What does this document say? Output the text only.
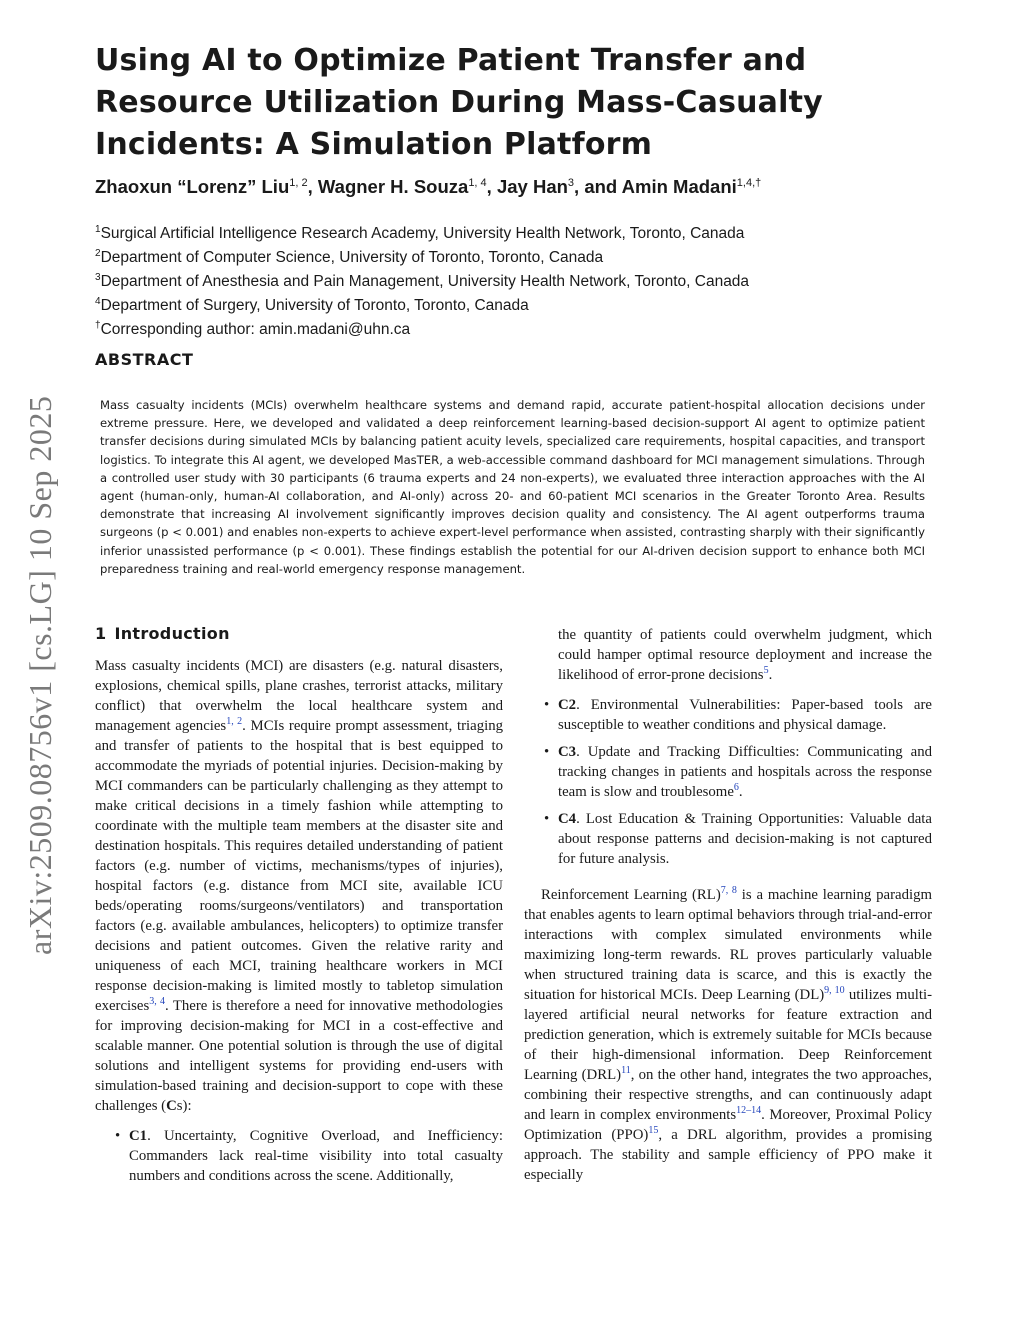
arXiv:2509.08756v1 [cs.LG] 10 Sep 2025
Using AI to Optimize Patient Transfer and Resource Utilization During Mass-Casualty Incidents: A Simulation Platform
Zhaoxun “Lorenz” Liu$^{1, 2}$, Wagner H. Souza$^{1, 4}$, Jay Han$^3$, and Amin Madani$^{1,4,\dagger}$
$^1$Surgical Artificial Intelligence Research Academy, University Health Network, Toronto, Canada
$^2$Department of Computer Science, University of Toronto, Toronto, Canada
$^3$Department of Anesthesia and Pain Management, University Health Network, Toronto, Canada
$^4$Department of Surgery, University of Toronto, Toronto, Canada
†Corresponding author: amin.madani@uhn.ca
ABSTRACT

Mass casualty incidents (MCIs) overwhelm healthcare systems and demand rapid, accurate patient-hospital allocation decisions under extreme pressure. Here, we developed and validated a deep reinforcement learning-based decision-support AI agent to optimize patient transfer decisions during simulated MCIs by balancing patient acuity levels, specialized care requirements, hospital capacities, and transport logistics. To integrate this AI agent, we developed MasTER, a web-accessible command dashboard for MCI management simulations. Through a controlled user study with 30 participants (6 trauma experts and 24 non-experts), we evaluated three interaction approaches with the AI agent (human-only, human-AI collaboration, and AI-only) across 20- and 60-patient MCI scenarios in the Greater Toronto Area. Results demonstrate that increasing AI involvement significantly improves decision quality and consistency. The AI agent outperforms trauma surgeons (p < 0.001) and enables non-experts to achieve expert-level performance when assisted, contrasting sharply with their significantly inferior unassisted performance (p < 0.001). These findings establish the potential for our AI-driven decision support to enhance both MCI preparedness training and real-world emergency response management.

1 Introduction

Mass casualty incidents (MCI) are disasters (e.g. natural disasters, explosions, chemical spills, plane crashes, terrorist attacks, military conflict) that overwhelm the local healthcare system and management agencies$^{1, 2}$. MCIs require prompt assessment, triaging and transfer of patients to the hospital that is best equipped to accommodate the myriads of potential injuries. Decision-making by MCI commanders can be particularly challenging as they attempt to make critical decisions in a timely fashion while attempting to coordinate with the multiple team members at the disaster site and destination hospitals. This requires detailed understanding of patient factors (e.g. number of victims, mechanisms/types of injuries), hospital factors (e.g. distance from MCI site, available ICU beds/operating rooms/surgeons/ventilators) and transportation factors (e.g. available ambulances, helicopters) to optimize transfer decisions and patient outcomes. Given the relative rarity and uniqueness of each MCI, training healthcare workers in MCI response decision-making is limited mostly to tabletop simulation exercises$^{3, 4}$. There is therefore a need for innovative methodologies for improving decision-making for MCI in a cost-effective and scalable manner. One potential solution is through the use of digital solutions and intelligent systems for providing end-users with simulation-based training and decision-support to cope with these challenges (Cs):

• C1. Uncertainty, Cognitive Overload, and Inefficiency: Commanders lack real-time visibility into total casualty numbers and conditions across the scene. Additionally,

the quantity of patients could overwhelm judgment, which could hamper optimal resource deployment and increase the likelihood of error-prone decisions$^5$.

• C2. Environmental Vulnerabilities: Paper-based tools are susceptible to weather conditions and physical damage.
• C3. Update and Tracking Difficulties: Communicating and tracking changes in patients and hospitals across the response team is slow and troublesome$^6$.
• C4. Lost Education & Training Opportunities: Valuable data about response patterns and decision-making is not captured for future analysis.

Reinforcement Learning (RL)$^{7, 8}$ is a machine learning paradigm that enables agents to learn optimal behaviors through trial-and-error interactions with complex simulated environments while maximizing long-term rewards. RL proves particularly valuable when structured training data is scarce, and this is exactly the situation for historical MCIs. Deep Learning (DL)$^{9, 10}$ utilizes multi-layered artificial neural networks for feature extraction and prediction generation, which is extremely suitable for MCIs because of their high-dimensional information. Deep Reinforcement Learning (DRL)$^{11}$, on the other hand, integrates the two approaches, combining their respective strengths, and can continuously adapt and learn in complex environments$^{12-14}$. Moreover, Proximal Policy Optimization (PPO)$^{15}$, a DRL algorithm, provides a promising approach. The stability and sample efficiency of PPO make it especially
